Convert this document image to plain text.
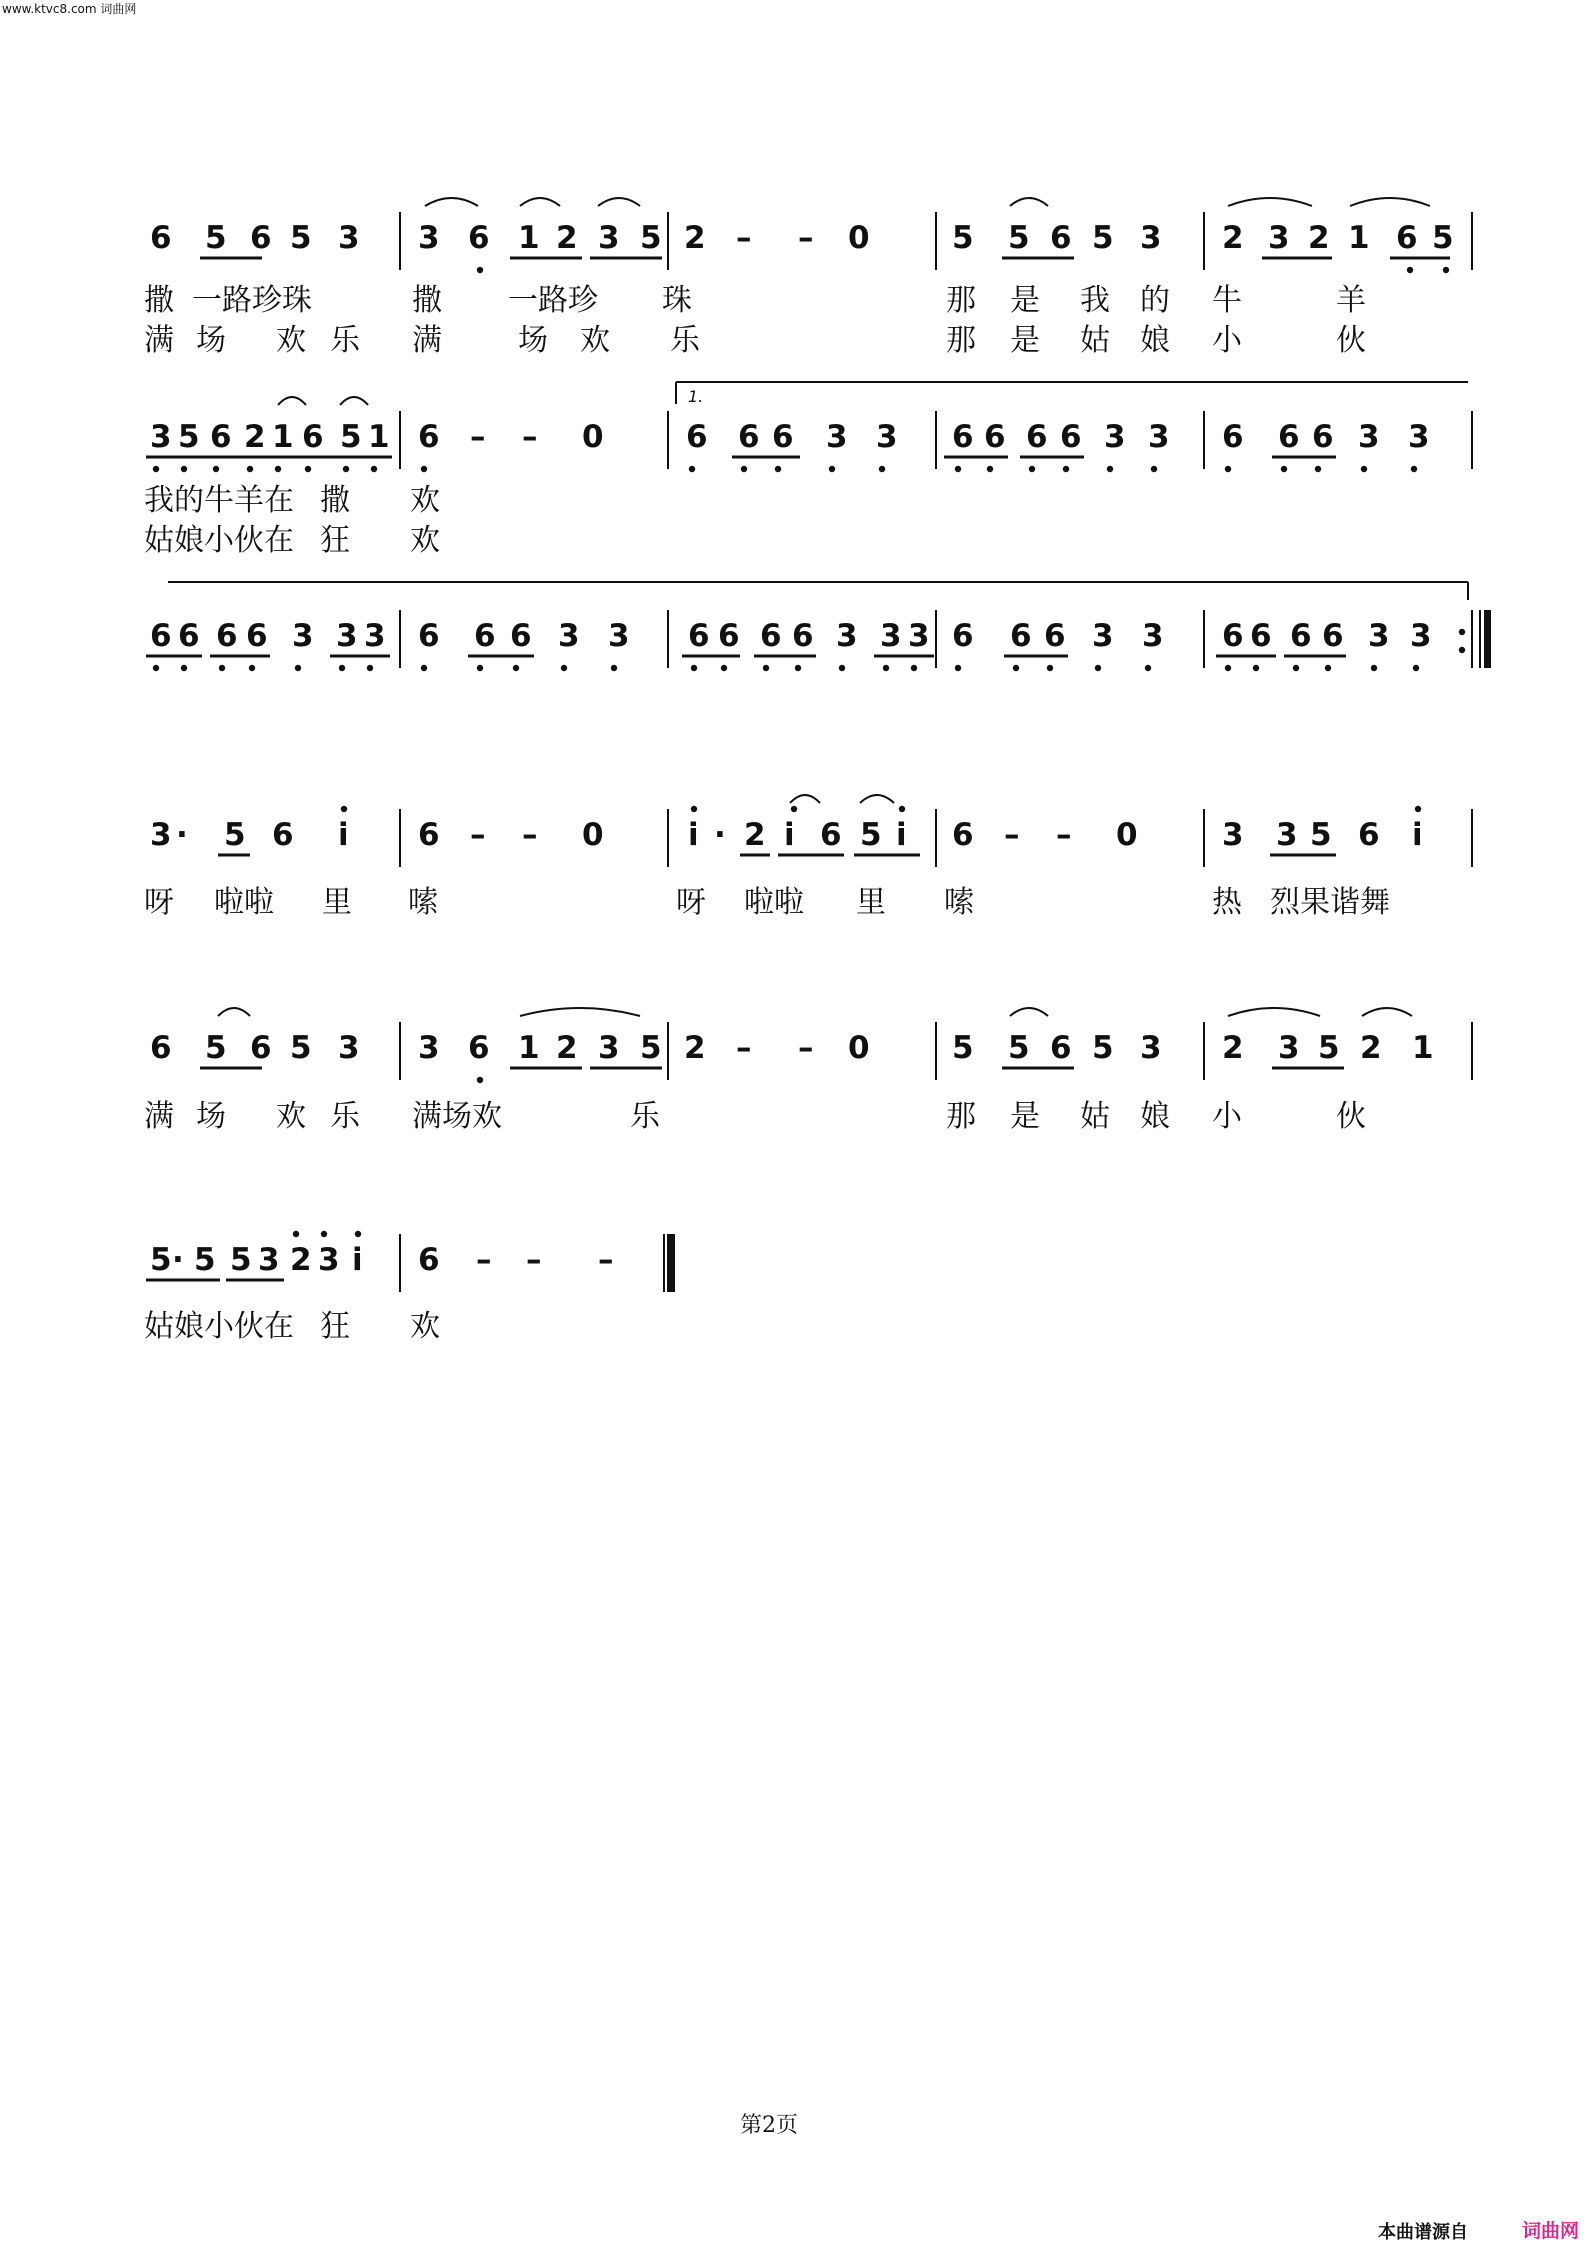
www.ktvc8.com 词曲网
6 5 6 5 3 3 6 1 2 3 5 2 – – 0	5 5 6 5 3 2 3 2 1 6 5
撒 一路珍 珠	撒 一路珍 珠	那 是 我 的 牛	羊
满 场 欢 乐 满	场 欢 乐	那 是 姑 娘 小	伙
3 5 6 2 1 6 5 1 6 – – 0	6 6 6 3 3 6 6 6 6 3 3 6 6 6 3 3
我的牛羊在 撒 欢
姑娘小伙在 狂 欢
6 6 6 6 3 3 3 6 6 6 3 3 6 6 6 6 3 3 3 6 6 6 3 3 6 6 6 6 3 3
3 · 5 6 i 6 – – 0	i · 2 i 6 5 i 6 – – 0	3 3 5 6 i
呀 啦啦 里 嗦	呀 啦啦 里 嗦	热 烈果谐舞
6 5 6 5 3 3 6 1 2 3 5 2 – – 0	5 5 6 5 3 2 3 5 2 1
满 场 欢 乐 满场欢	乐	那 是 姑 娘 小	伙
5 · 5 5 3 2 3 i 6 – – –
姑娘小伙在 狂 欢
1.
第2页
本曲谱源自	词曲网
